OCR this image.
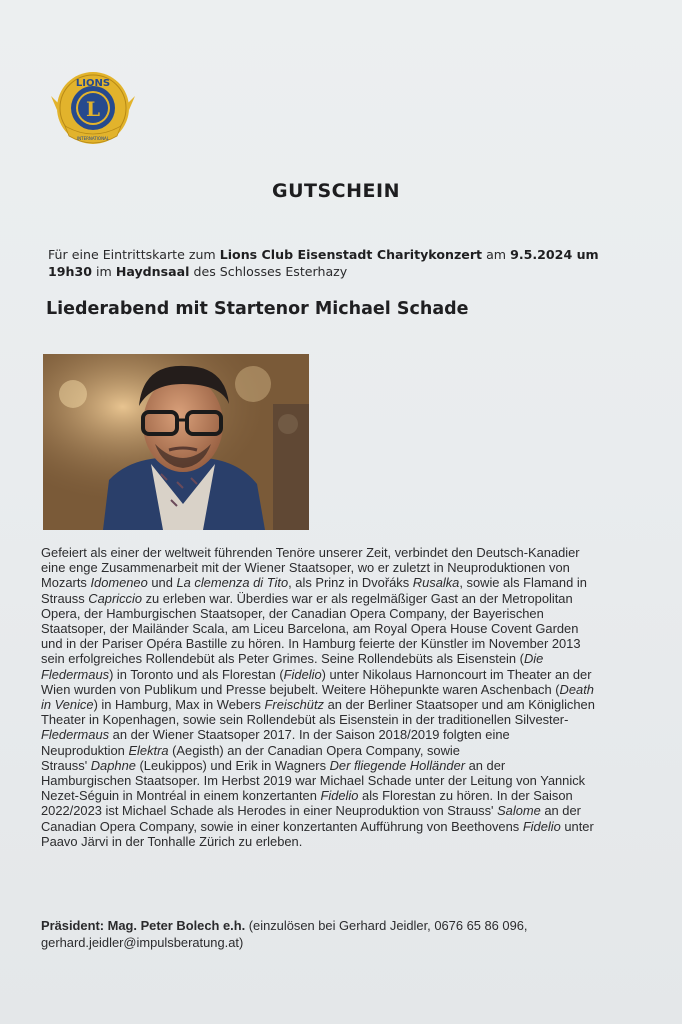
LIONS
L
INTERNATIONAL
GUTSCHEIN
Für eine Eintrittskarte zum Lions Club Eisenstadt Charitykonzert am 9.5.2024 um
19h30 im Haydnsaal des Schlosses Esterhazy
Liederabend mit Startenor Michael Schade

Gefeiert als einer der weltweit führenden Tenöre unserer Zeit, verbindet den Deutsch-Kanadier

eine enge Zusammenarbeit mit der Wiener Staatsoper, wo er zuletzt in Neuproduktionen von

Mozarts Idomeneo und La clemenza di Tito, als Prinz in Dvořáks Rusalka, sowie als Flamand in

Strauss Capriccio zu erleben war. Überdies war er als regelmäßiger Gast an der Metropolitan

Opera, der Hamburgischen Staatsoper, der Canadian Opera Company, der Bayerischen

Staatsoper, der Mailänder Scala, am Liceu Barcelona, am Royal Opera House Covent Garden

und in der Pariser Opéra Bastille zu hören. In Hamburg feierte der Künstler im November 2013

sein erfolgreiches Rollendebüt als Peter Grimes. Seine Rollendebüts als Eisenstein (Die

Fledermaus) in Toronto und als Florestan (Fidelio) unter Nikolaus Harnoncourt im Theater an der

Wien wurden von Publikum und Presse bejubelt. Weitere Höhepunkte waren Aschenbach (Death

in Venice) in Hamburg, Max in Webers Freischütz an der Berliner Staatsoper und am Königlichen

Theater in Kopenhagen, sowie sein Rollendebüt als Eisenstein in der traditionellen Silvester-

Fledermaus an der Wiener Staatsoper 2017. In der Saison 2018/2019 folgten eine

Neuproduktion Elektra (Aegisth) an der Canadian Opera Company, sowie

Strauss' Daphne (Leukippos) und Erik in Wagners Der fliegende Holländer an der

Hamburgischen Staatsoper. Im Herbst 2019 war Michael Schade unter der Leitung von Yannick

Nezet-Séguin in Montréal in einem konzertanten Fidelio als Florestan zu hören. In der Saison

2022/2023 ist Michael Schade als Herodes in einer Neuproduktion von Strauss' Salome an der

Canadian Opera Company, sowie in einer konzertanten Aufführung von Beethovens Fidelio unter

Paavo Järvi in der Tonhalle Zürich zu erleben.

Präsident: Mag. Peter Bolech e.h. (einzulösen bei Gerhard Jeidler, 0676 65 86 096,

gerhard.jeidler@impulsberatung.at)
